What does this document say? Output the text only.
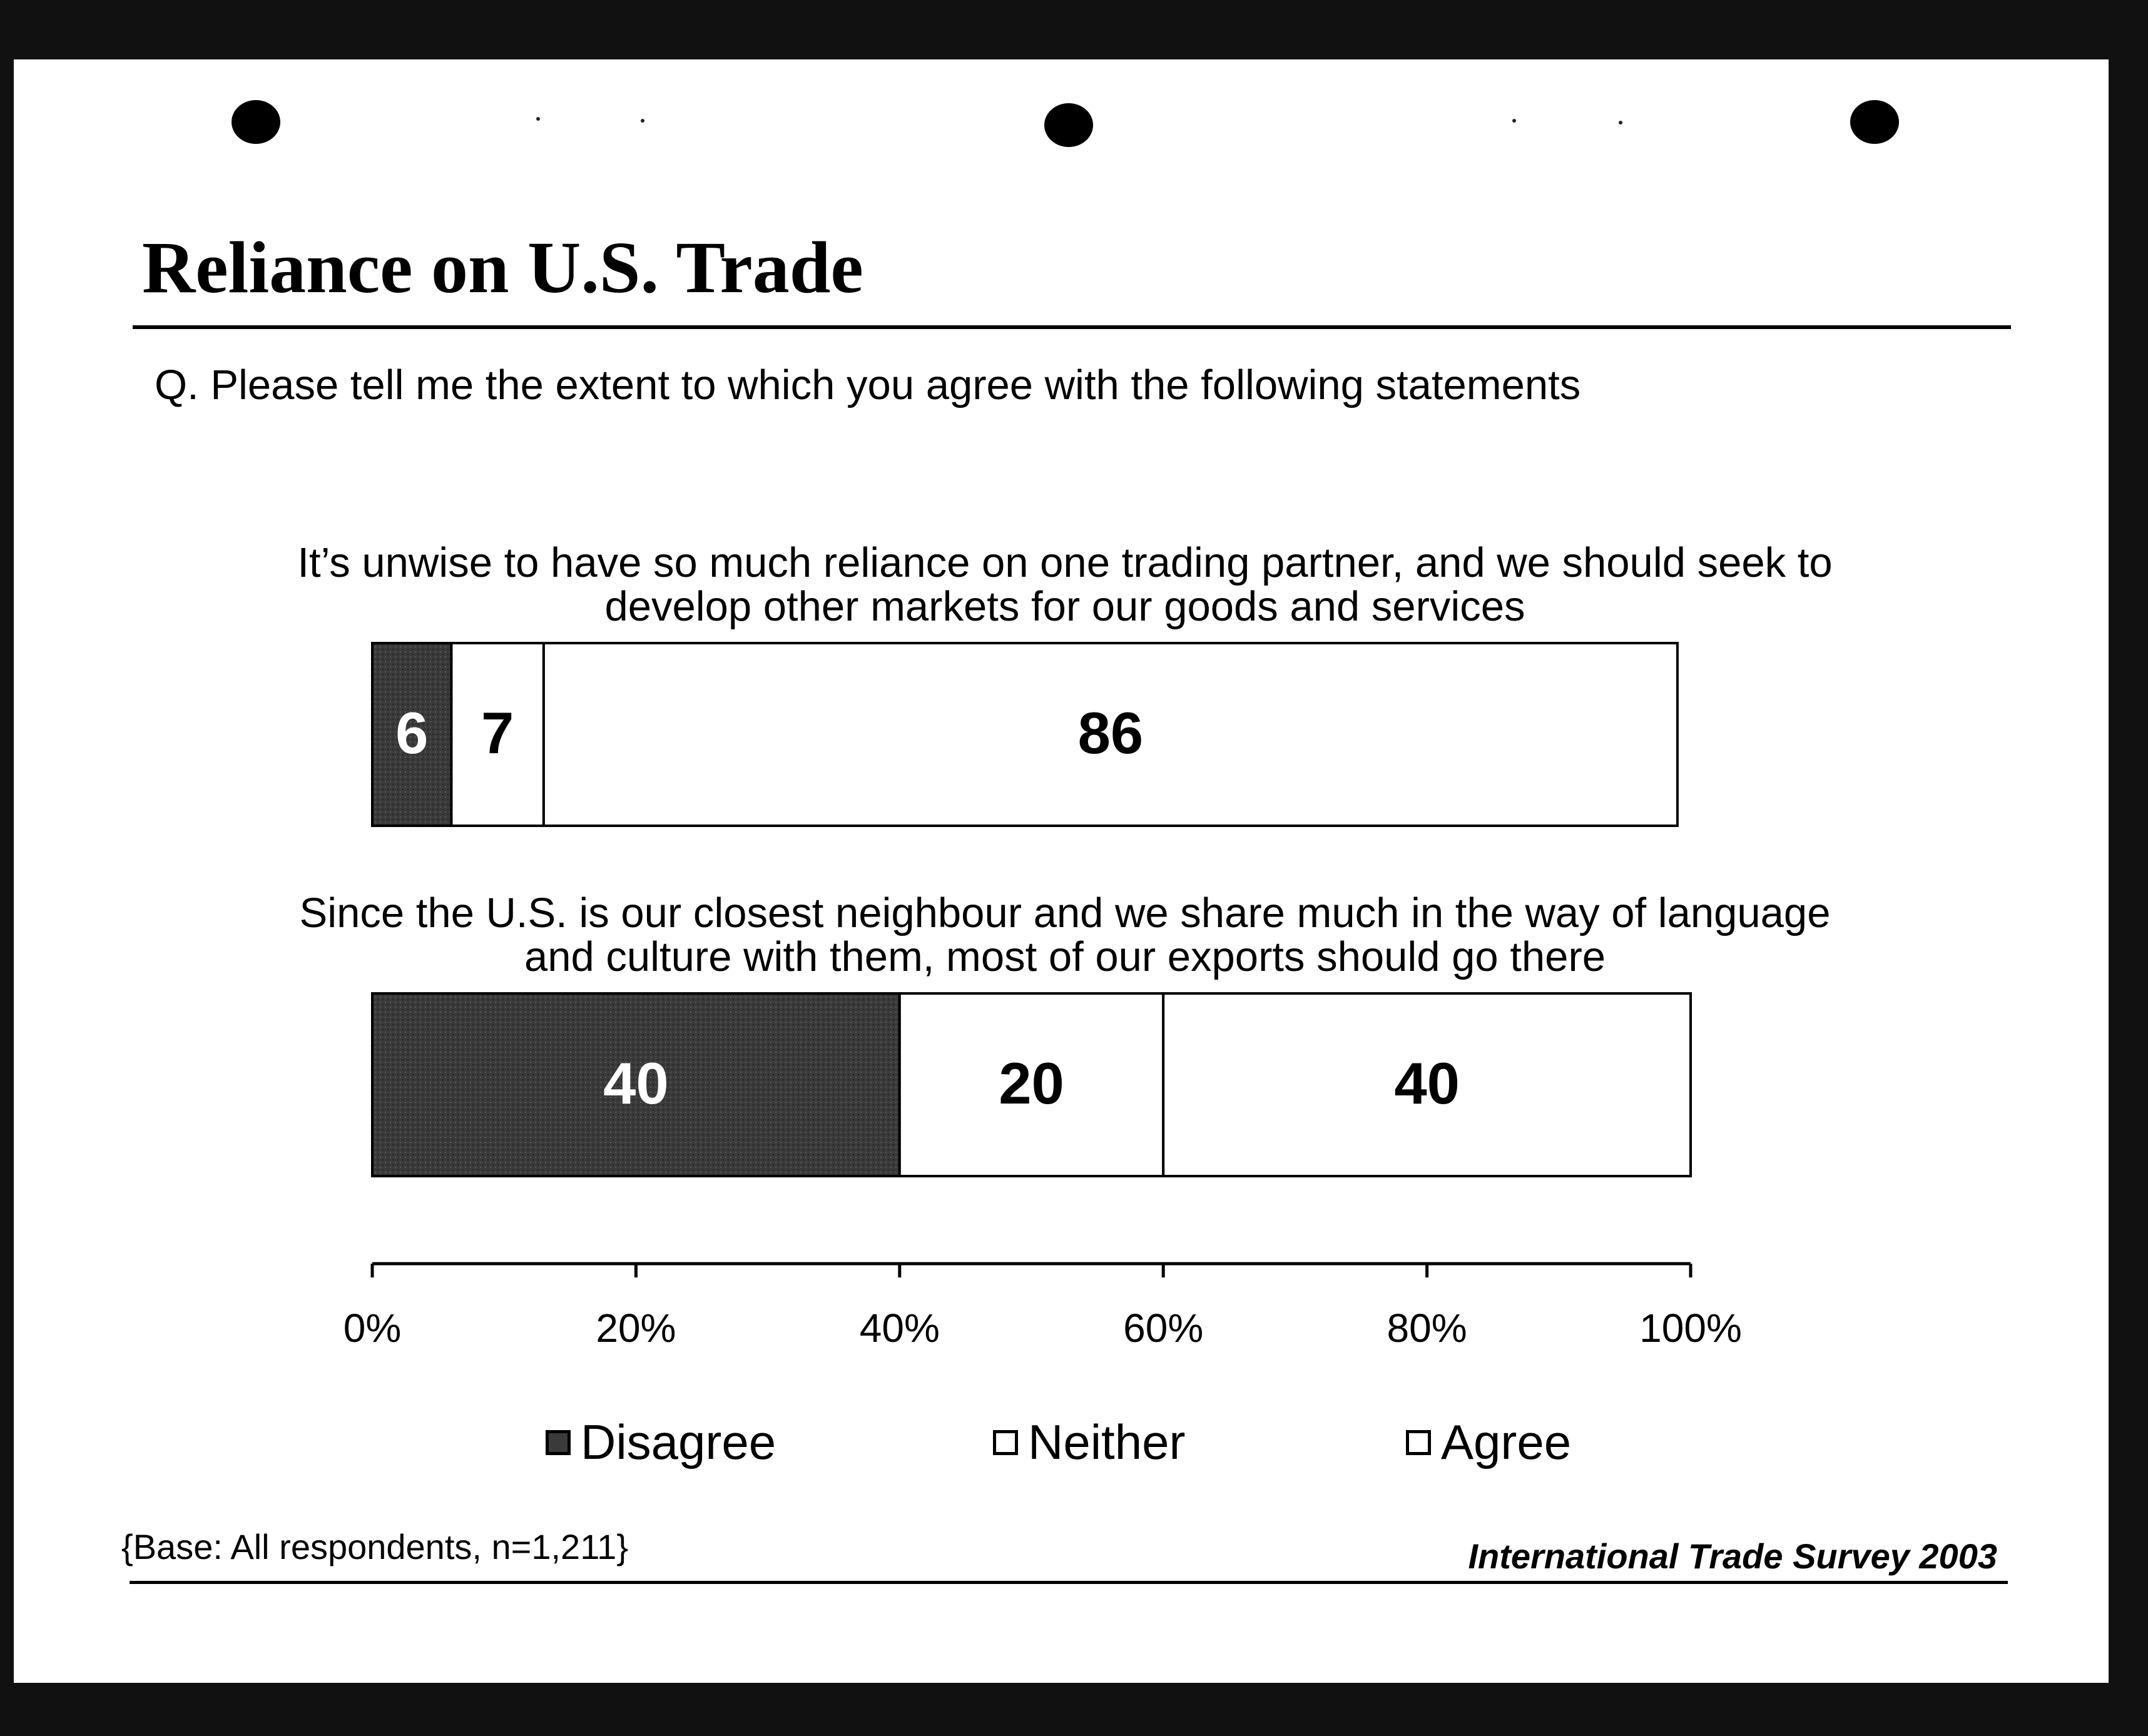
Reliance on U.S. Trade
Q. Please tell me the extent to which you agree with the following statements
It’s unwise to have so much reliance on one trading partner, and we should seek to
develop other markets for our goods and services
Since the U.S. is our closest neighbour and we share much in the way of language
and culture with them, most of our exports should go there
6 7	86
40	20	40
0%	20%	40%	60%	80%	100%
Disagree	Neither	Agree
{Base: All respondents, n=1,211}	International Trade Survey 2003
